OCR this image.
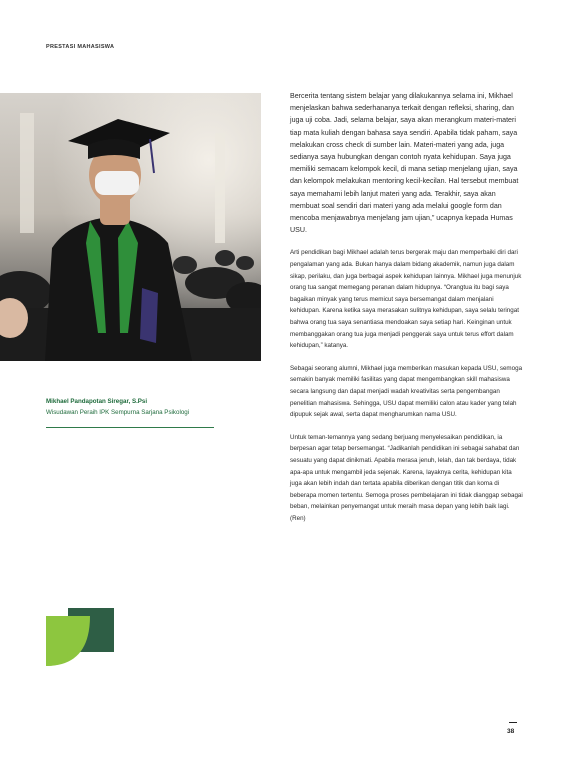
PRESTASI MAHASISWA
Mikhael Pandapotan Siregar, S.Psi
Wisudawan Peraih IPK Sempurna Sarjana Psikologi

Bercerita tentang sistem belajar yang dilakukannya selama ini, Mikhael menjelaskan bahwa sederhananya terkait dengan refleksi, sharing, dan juga uji coba. Jadi, selama belajar, saya akan merangkum materi-materi tiap mata kuliah dengan bahasa saya sendiri. Apabila tidak paham, saya melakukan cross check di sumber lain. Materi-materi yang ada, juga sedianya saya hubungkan dengan contoh nyata kehidupan. Saya juga memiliki semacam kelompok kecil, di mana setiap menjelang ujian, saya dan kelompok melakukan mentoring kecil-kecilan. Hal tersebut membuat saya memahami lebih lanjut materi yang ada. Terakhir, saya akan membuat soal sendiri dari materi yang ada melalui google form dan mencoba menjawabnya menjelang jam ujian,” ucapnya kepada Humas USU.

Arti pendidikan bagi Mikhael adalah terus bergerak maju dan memperbaiki diri dari pengalaman yang ada. Bukan hanya dalam bidang akademik, namun juga dalam sikap, perilaku, dan juga berbagai aspek kehidupan lainnya. Mikhael juga menunjuk orang tua sangat memegang peranan dalam hidupnya. “Orangtua itu bagi saya bagaikan minyak yang terus memicut saya bersemangat dalam menjalani kehidupan. Karena ketika saya merasakan sulitnya kehidupan, saya selalu teringat bahwa orang tua saya senantiasa mendoakan saya setiap hari. Keinginan untuk membanggakan orang tua juga menjadi penggerak saya untuk terus effort dalam kehidupan,” katanya.

Sebagai seorang alumni, Mikhael juga memberikan masukan kepada USU, semoga semakin banyak memiliki fasilitas yang dapat mengembangkan skill mahasiswa secara langsung dan dapat menjadi wadah kreativitas serta pengembangan penelitian mahasiswa. Sehingga, USU dapat memiliki calon atau kader yang telah dipupuk sejak awal, serta dapat mengharumkan nama USU.

Untuk teman-temannya yang sedang berjuang menyelesaikan pendidikan, ia berpesan agar tetap bersemangat. “Jadikanlah pendidikan ini sebagai sahabat dan sesuatu yang dapat dinikmati. Apabila merasa jenuh, lelah, dan tak berdaya, tidak apa-apa untuk mengambil jeda sejenak. Karena, layaknya cerita, kehidupan kita juga akan lebih indah dan tertata apabila diberikan dengan titik dan koma di beberapa momen tertentu. Semoga proses pembelajaran ini tidak dianggap sebagai beban, melainkan penyemangat untuk meraih masa depan yang lebih baik lagi. (Ren)

38
